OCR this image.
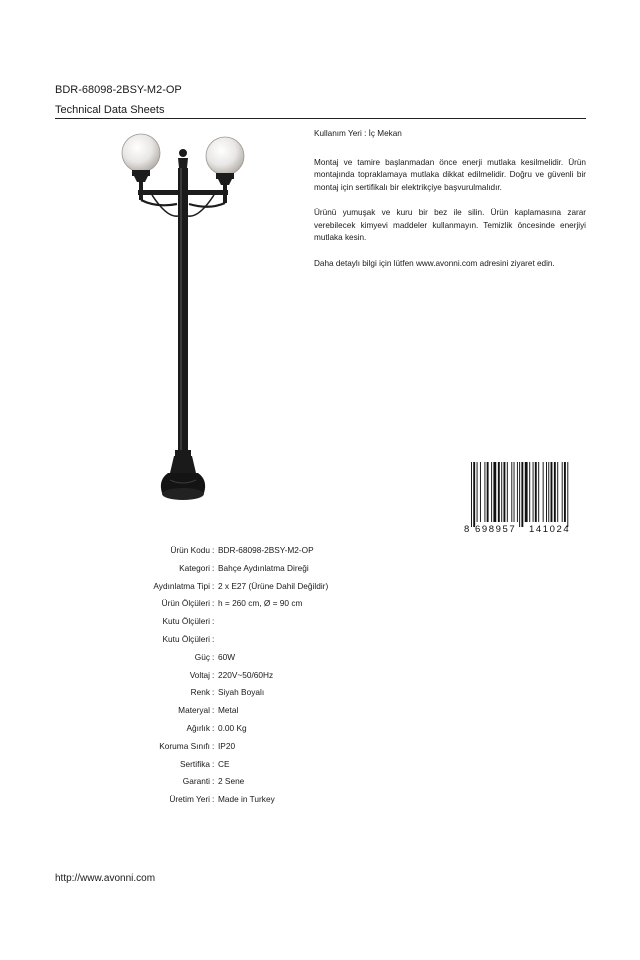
BDR-68098-2BSY-M2-OP
Technical Data Sheets

Kullanım Yeri : İç Mekan

Montaj ve tamire başlanmadan önce enerji mutlaka kesilmelidir. Ürün montajında topraklamaya mutlaka dikkat edilmelidir. Doğru ve güvenli bir montaj için sertifikalı bir elektrikçiye başvurulmalıdır.

Ürünü yumuşak ve kuru bir bez ile silin. Ürün kaplamasına zarar verebilecek kimyevi maddeler kullanmayın. Temizlik öncesinde enerjiyi mutlaka kesin.

Daha detaylı bilgi için lütfen www.avonni.com adresini ziyaret edin.

8 698957 141024
Ürün Kodu : BDR-68098-2BSY-M2-OP
Kategori : Bahçe Aydınlatma Direği
Aydınlatma Tipi : 2 x E27 (Ürüne Dahil Değildir)
Ürün Ölçüleri : h = 260 cm, Ø = 90 cm
Kutu Ölçüleri :
Kutu Ölçüleri :
Güç : 60W
Voltaj : 220V~50/60Hz
Renk : Siyah Boyalı
Materyal : Metal
Ağırlık : 0.00 Kg
Koruma Sınıfı : IP20
Sertifika : CE
Garanti : 2 Sene
Üretim Yeri : Made in Turkey
http://www.avonni.com
